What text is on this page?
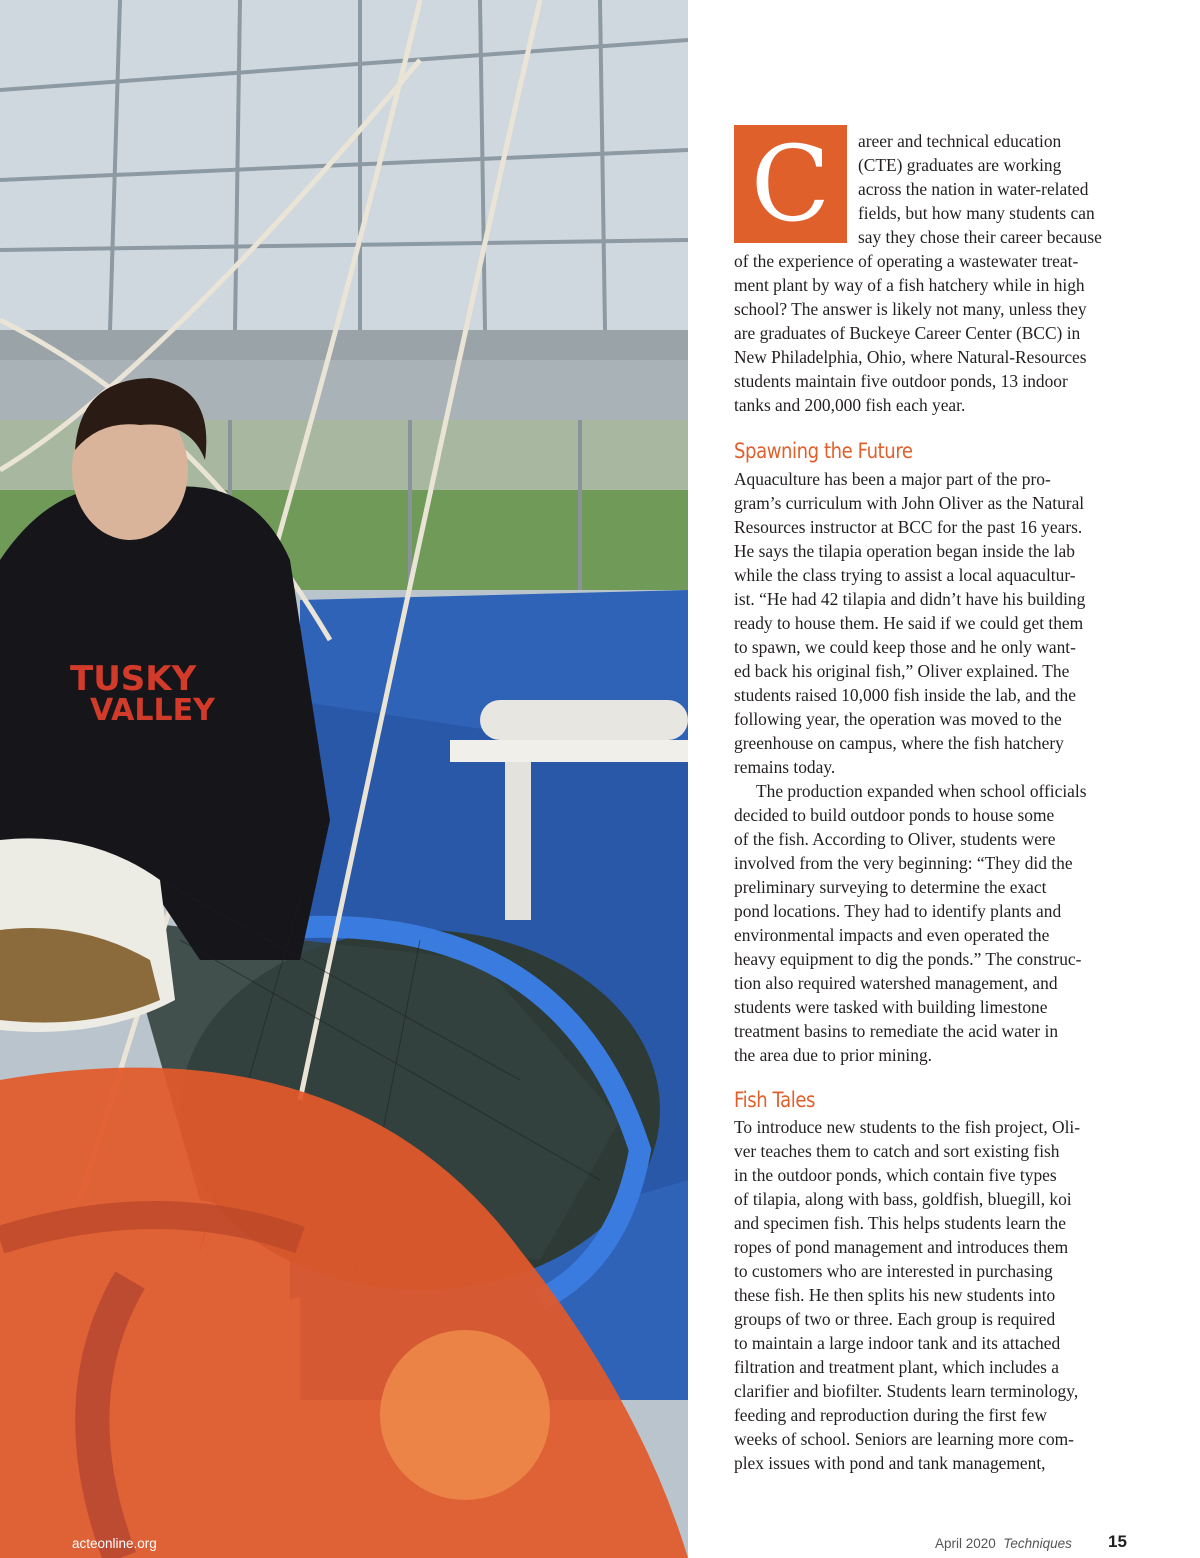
TUSKY
VALLEY
C	areer and technical education
(CTE) graduates are working
across the nation in water-related
fields, but how many students can
say they chose their career because
of the experience of operating a wastewater treat-
ment plant by way of a fish hatchery while in high
school? The answer is likely not many, unless they
are graduates of Buckeye Career Center (BCC) in
New Philadelphia, Ohio, where Natural-Resources
students maintain five outdoor ponds, 13 indoor
tanks and 200,000 fish each year.
Spawning the Future
Aquaculture has been a major part of the pro-
gram’s curriculum with John Oliver as the Natural
Resources instructor at BCC for the past 16 years.
He says the tilapia operation began inside the lab
while the class trying to assist a local aquacultur-
ist. “He had 42 tilapia and didn’t have his building
ready to house them. He said if we could get them
to spawn, we could keep those and he only want-
ed back his original fish,” Oliver explained. The
students raised 10,000 fish inside the lab, and the
following year, the operation was moved to the
greenhouse on campus, where the fish hatchery
remains today.
The production expanded when school officials
decided to build outdoor ponds to house some
of the fish. According to Oliver, students were
involved from the very beginning: “They did the
preliminary surveying to determine the exact
pond locations. They had to identify plants and
environmental impacts and even operated the
heavy equipment to dig the ponds.” The construc-
tion also required watershed management, and
students were tasked with building limestone
treatment basins to remediate the acid water in
the area due to prior mining.
Fish Tales
To introduce new students to the fish project, Oli-
ver teaches them to catch and sort existing fish
in the outdoor ponds, which contain five types
of tilapia, along with bass, goldfish, bluegill, koi
and specimen fish. This helps students learn the
ropes of pond management and introduces them
to customers who are interested in purchasing
these fish. He then splits his new students into
groups of two or three. Each group is required
to maintain a large indoor tank and its attached
filtration and treatment plant, which includes a
clarifier and biofilter. Students learn terminology,
feeding and reproduction during the first few
weeks of school. Seniors are learning more com-
plex issues with pond and tank management,
acteonline.org	April 2020 Techniques 15
